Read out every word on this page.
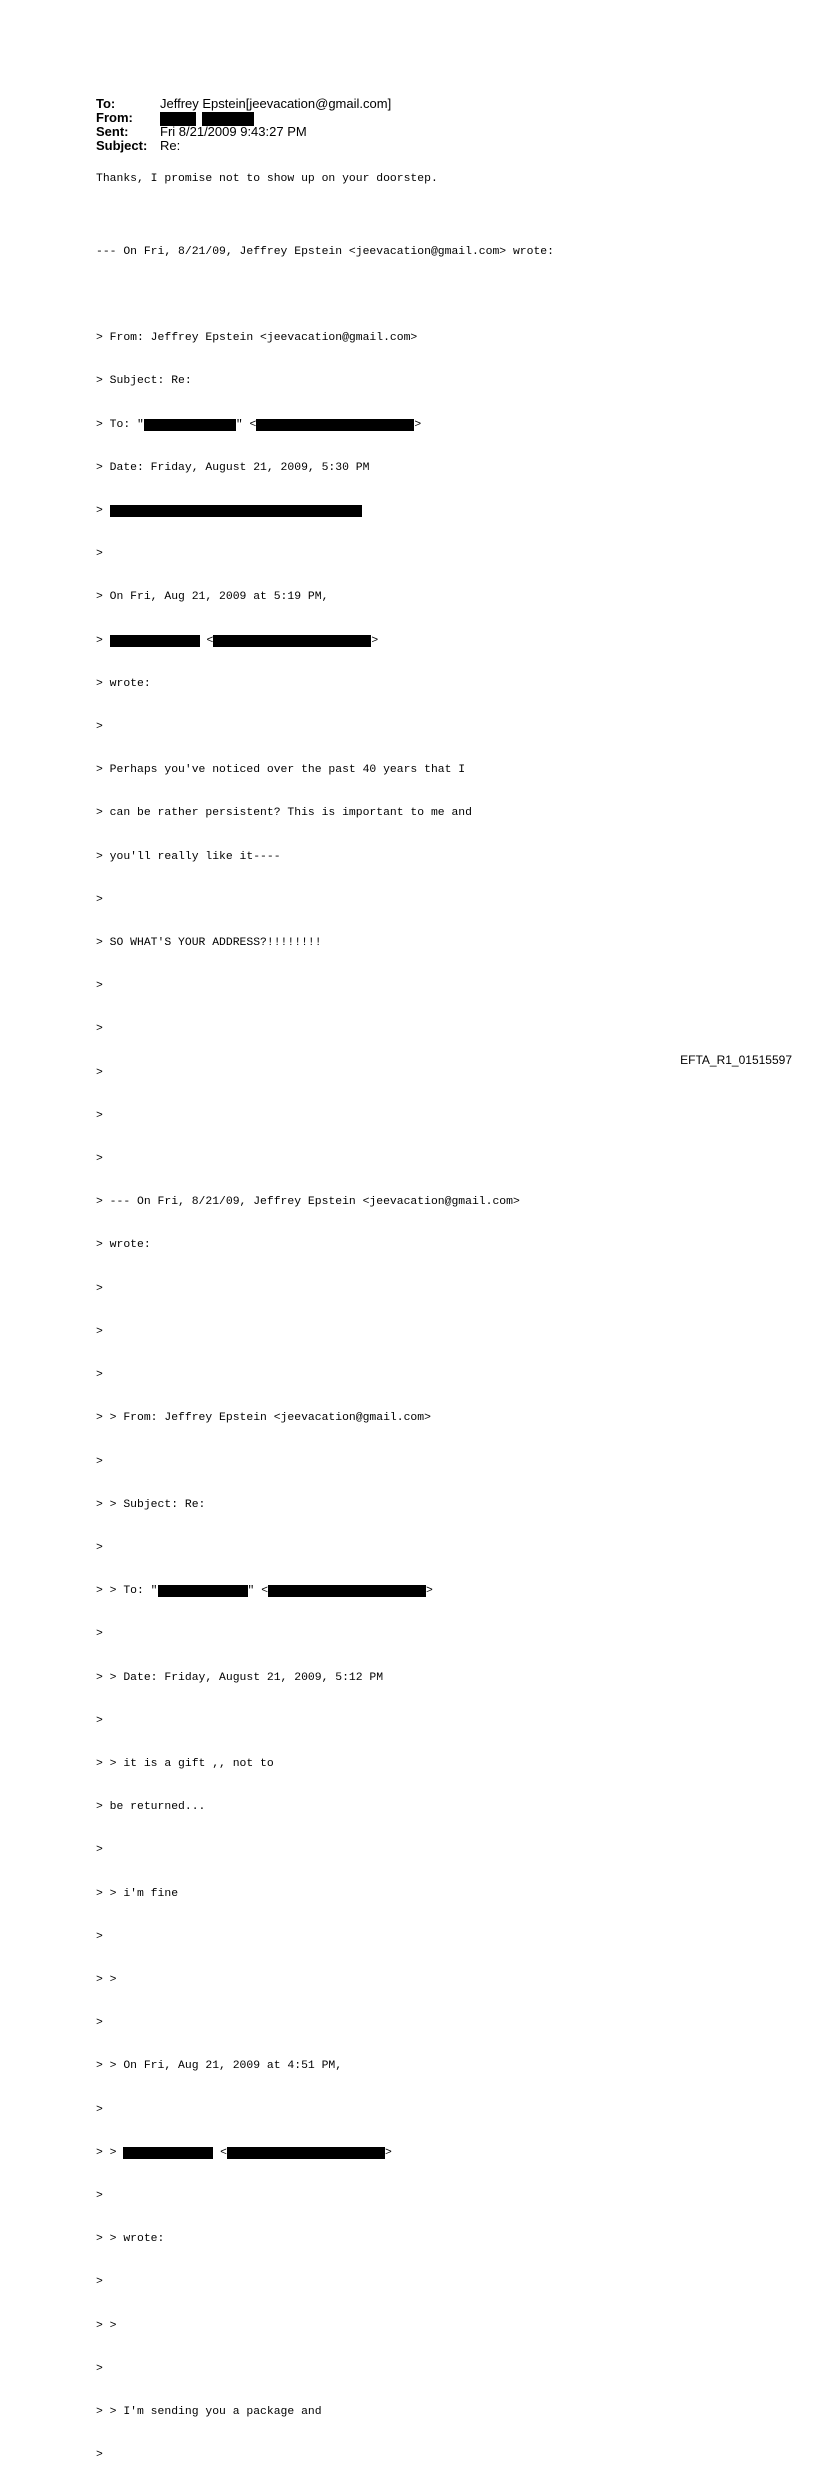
To:	Jeffrey Epstein[jeevacation@gmail.com]
From:

Sent:	Fri 8/21/2009 9:43:27 PM
Subject: Re:
Thanks, I promise not to show up on your doorstep.

--- On Fri, 8/21/09, Jeffrey Epstein <jeevacation@gmail.com> wrote:

> From: Jeffrey Epstein <jeevacation@gmail.com>

> Subject: Re:

> To: "	" <	>

> Date: Friday, August 21, 2009, 5:30 PM

>

>

> On Fri, Aug 21, 2009 at 5:19 PM,

>	<	>

> wrote:

>

> Perhaps you've noticed over the past 40 years that I

> can be rather persistent? This is important to me and

> you'll really like it----

>

> SO WHAT'S YOUR ADDRESS?!!!!!!!!

>

>

>

>

>

> --- On Fri, 8/21/09, Jeffrey Epstein <jeevacation@gmail.com>

> wrote:

>

>

>

> > From: Jeffrey Epstein <jeevacation@gmail.com>

>

> > Subject: Re:

>

> > To: "	" <	>

>

> > Date: Friday, August 21, 2009, 5:12 PM

>

> > it is a gift ,, not to

> be returned...

>

> > i'm fine

>

> >

>

> > On Fri, Aug 21, 2009 at 4:51 PM,

>

> >	<	>

>

> > wrote:

>

> >

>

> > I'm sending you a package and

>

EFTA_R1_01515597
